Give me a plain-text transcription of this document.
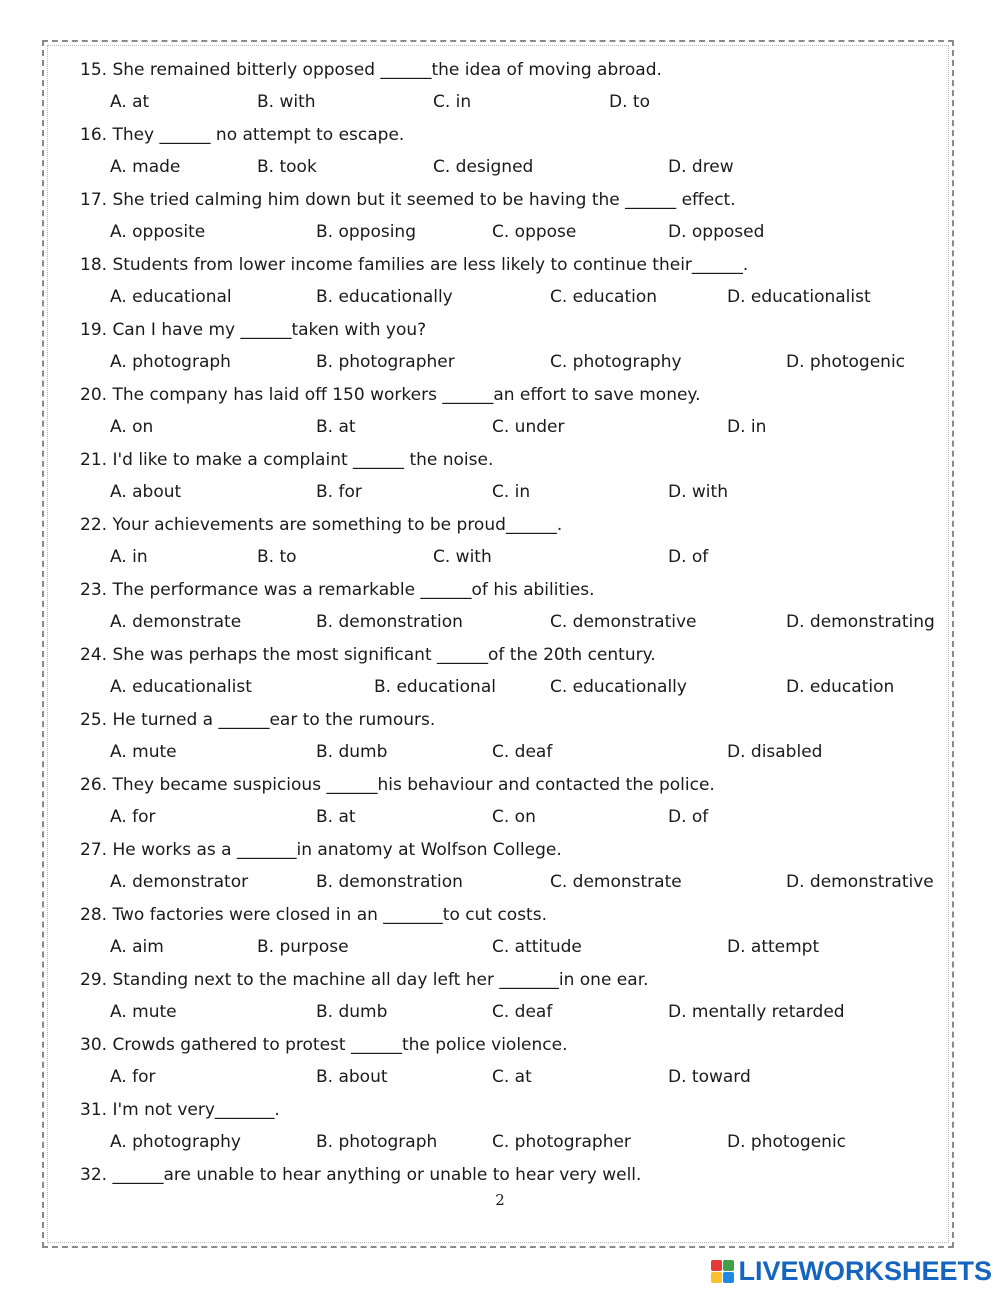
15. She remained bitterly opposed ______the idea of moving abroad.
A. at	B. with	C. in	D. to
16. They ______ no attempt to escape.
A. made	B. took	C. designed	D. drew
17. She tried calming him down but it seemed to be having the ______ effect.
A. opposite	B. opposing	C. oppose	D. opposed
18. Students from lower income families are less likely to continue their______.
A. educational	B. educationally	C. education	D. educationalist
19. Can I have my ______taken with you?
A. photograph	B. photographer	C. photography	D. photogenic
20. The company has laid off 150 workers ______an effort to save money.
A. on	B. at	C. under	D. in
21. I'd like to make a complaint ______ the noise.
A. about	B. for	C. in	D. with
22. Your achievements are something to be proud______.
A. in	B. to	C. with	D. of
23. The performance was a remarkable ______of his abilities.
A. demonstrate	B. demonstration	C. demonstrative	D. demonstrating
24. She was perhaps the most significant ______of the 20th century.
A. educationalist	B. educational	C. educationally	D. education
25. He turned a ______ear to the rumours.
A. mute	B. dumb	C. deaf	D. disabled
26. They became suspicious ______his behaviour and contacted the police.
A. for	B. at	C. on	D. of
27. He works as a _______in anatomy at Wolfson College.
A. demonstrator	B. demonstration	C. demonstrate	D. demonstrative
28. Two factories were closed in an _______to cut costs.
A. aim	B. purpose	C. attitude	D. attempt
29. Standing next to the machine all day left her _______in one ear.
A. mute	B. dumb	C. deaf	D. mentally retarded
30. Crowds gathered to protest ______the police violence.
A. for	B. about	C. at	D. toward
31. I'm not very_______.
A. photography	B. photograph	C. photographer	D. photogenic
32. ______are unable to hear anything or unable to hear very well.
2
LIVEWORKSHEETS
